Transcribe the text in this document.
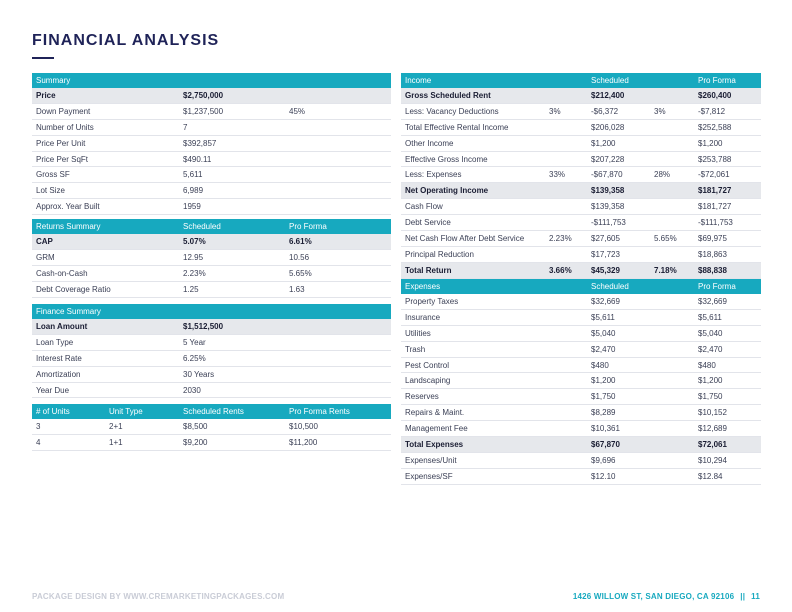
FINANCIAL ANALYSIS
Summary		
Price	$2,750,000	
Down Payment	$1,237,500	45%
Number of Units	7	
Price Per Unit	$392,857	
Price Per SqFt	$490.11	
Gross SF	5,611	
Lot Size	6,989	
Approx. Year Built	1959	
Returns Summary	Scheduled	Pro Forma
CAP	5.07%	6.61%
GRM	12.95	10.56
Cash-on-Cash	2.23%	5.65%
Debt Coverage Ratio	1.25	1.63
Finance Summary		
Loan Amount	$1,512,500	
Loan Type	5 Year	
Interest Rate	6.25%	
Amortization	30 Years	
Year Due	2030	
# of Units	Unit Type	Scheduled Rents	Pro Forma Rents
3	2+1	$8,500	$10,500
4	1+1	$9,200	$11,200
Income		Scheduled		Pro Forma
Gross Scheduled Rent		$212,400		$260,400
Less: Vacancy Deductions	3%	-$6,372	3%	-$7,812
Total Effective Rental Income		$206,028		$252,588
Other Income		$1,200		$1,200
Effective Gross Income		$207,228		$253,788
Less: Expenses	33%	-$67,870	28%	-$72,061
Net Operating Income		$139,358		$181,727
Cash Flow		$139,358		$181,727
Debt Service		-$111,753		-$111,753
Net Cash Flow After Debt Service	2.23%	$27,605	5.65%	$69,975
Principal Reduction		$17,723		$18,863
Total Return	3.66%	$45,329	7.18%	$88,838
Expenses	Scheduled	Pro Forma
Property Taxes	$32,669	$32,669
Insurance	$5,611	$5,611
Utilities	$5,040	$5,040
Trash	$2,470	$2,470
Pest Control	$480	$480
Landscaping	$1,200	$1,200
Reserves	$1,750	$1,750
Repairs & Maint.	$8,289	$10,152
Management Fee	$10,361	$12,689
Total Expenses	$67,870	$72,061
Expenses/Unit	$9,696	$10,294
Expenses/SF	$12.10	$12.84
PACKAGE DESIGN BY WWW.CREMARKETINGPACKAGES.COM	1426 WILLOW ST, SAN DIEGO, CA 92106 || 11
